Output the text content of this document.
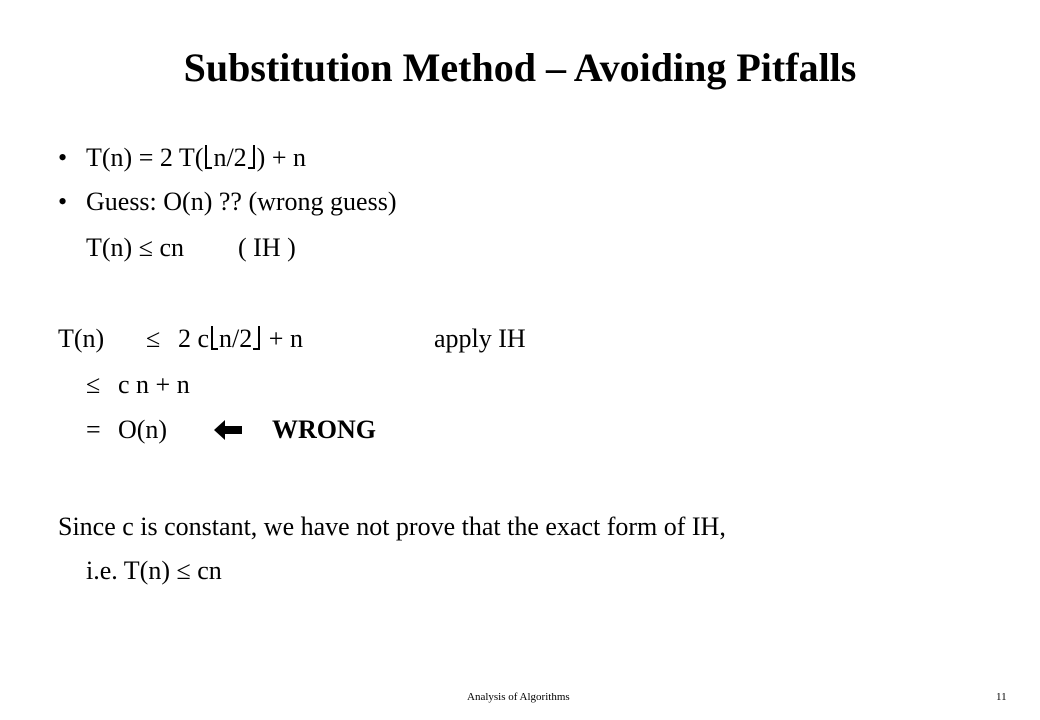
Substitution Method – Avoiding Pitfalls
• T(n) = 2 T( n/2 ) + n
• Guess: O(n) ?? (wrong guess)
T(n) ≤ cn ( IH )
T(n) ≤ 2 c n/2 + n	apply IH
≤ c n + n
= O(n)	WRONG
Since c is constant, we have not prove that the exact form of IH,
i.e. T(n) ≤ cn
Analysis of Algorithms	11
